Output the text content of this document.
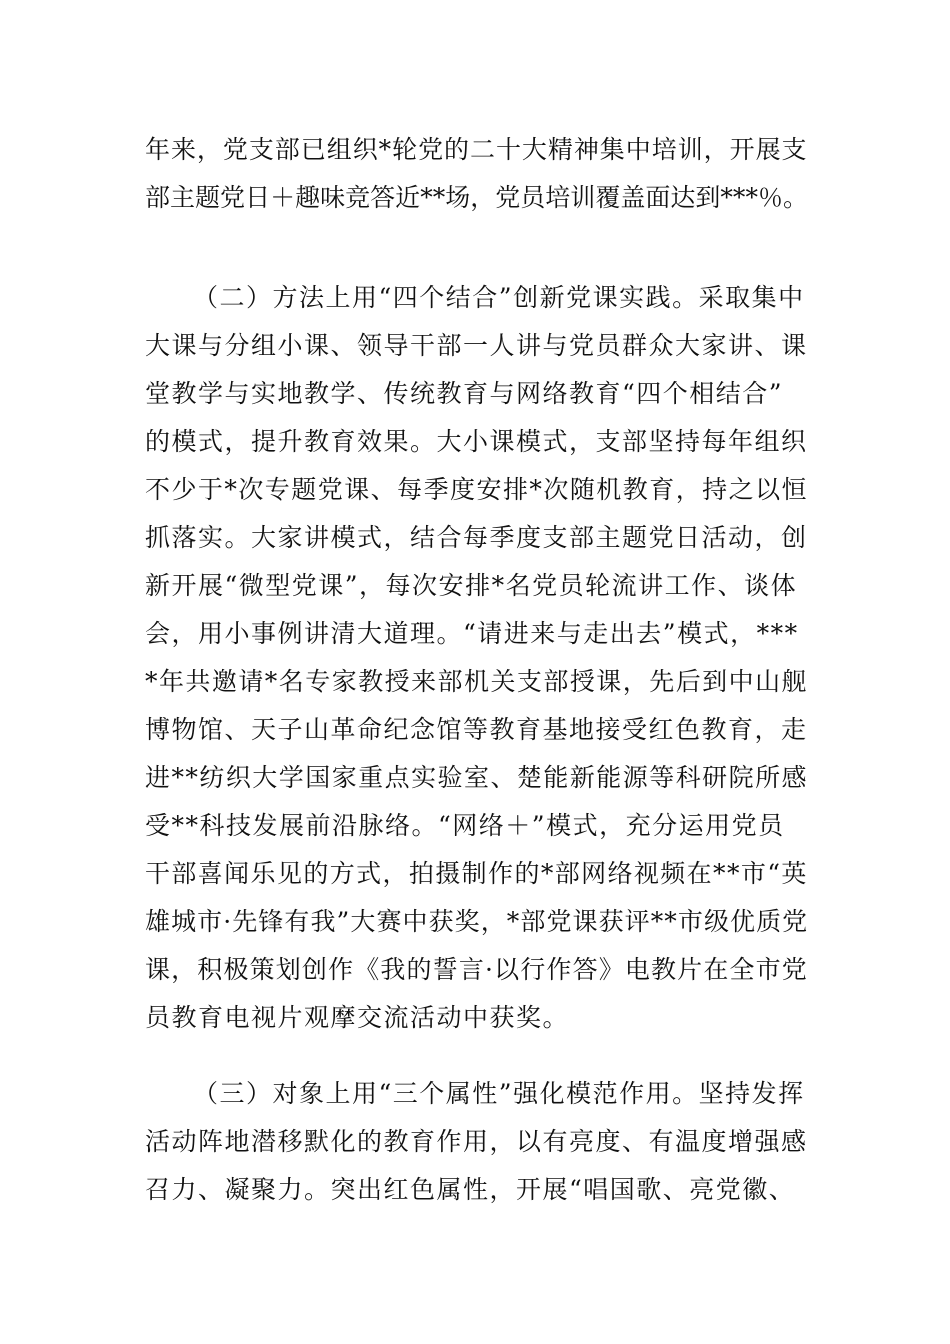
年来，党支部已组织*轮党的二十大精神集中培训，开展支
部主题党日＋趣味竞答近**场，党员培训覆盖面达到***％。
（二）方法上用“四个结合”创新党课实践。采取集中
大课与分组小课、领导干部一人讲与党员群众大家讲、课
堂教学与实地教学、传统教育与网络教育“四个相结合”
的模式，提升教育效果。大小课模式，支部坚持每年组织
不少于*次专题党课、每季度安排*次随机教育，持之以恒
抓落实。大家讲模式，结合每季度支部主题党日活动，创
新开展“微型党课”，每次安排*名党员轮流讲工作、谈体
会，用小事例讲清大道理。“请进来与走出去”模式，***
*年共邀请*名专家教授来部机关支部授课，先后到中山舰
博物馆、天子山革命纪念馆等教育基地接受红色教育，走
进**纺织大学国家重点实验室、楚能新能源等科研院所感
受**科技发展前沿脉络。“网络＋”模式，充分运用党员
干部喜闻乐见的方式，拍摄制作的*部网络视频在**市“英
雄城市·先锋有我”大赛中获奖，*部党课获评**市级优质党
课，积极策划创作《我的誓言·以行作答》电教片在全市党
员教育电视片观摩交流活动中获奖。
（三）对象上用“三个属性”强化模范作用。坚持发挥
活动阵地潜移默化的教育作用，以有亮度、有温度增强感
召力、凝聚力。突出红色属性，开展“唱国歌、亮党徽、
